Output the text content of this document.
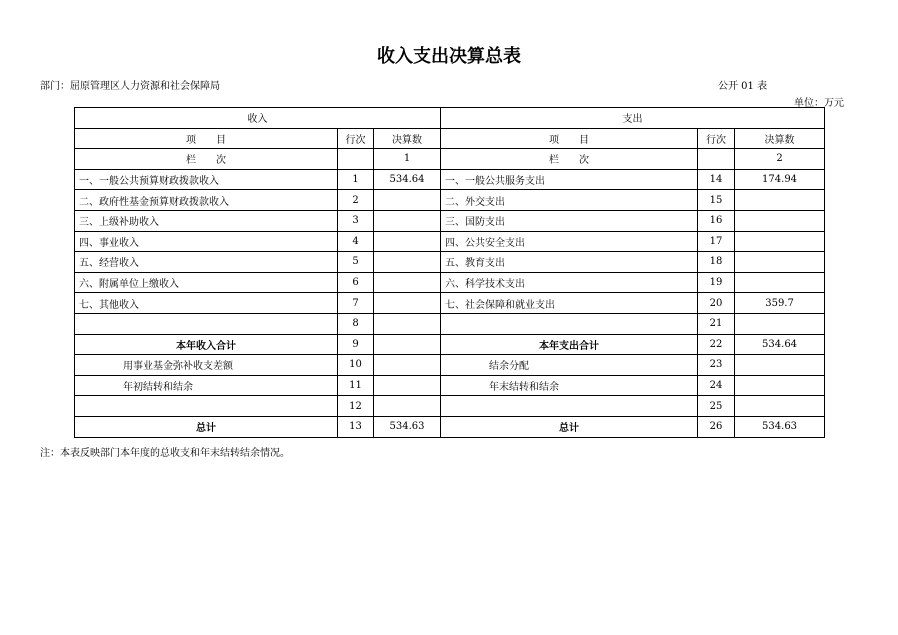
收入支出决算总表
部门：屈原管理区人力资源和社会保障局	公开 01 表
单位：万元
收入			支出		
项　　目	行次	决算数	项　　目	行次	决算数
栏　　次		1	栏　　次		2
一、一般公共预算财政拨款收入	1	534.64	一、一般公共服务支出	14	174.94
二、政府性基金预算财政拨款收入	2		二、外交支出	15	
三、上级补助收入	3		三、国防支出	16	
四、事业收入	4		四、公共安全支出	17	
五、经营收入	5		五、教育支出	18	
六、附属单位上缴收入	6		六、科学技术支出	19	
七、其他收入	7		七、社会保障和就业支出	20	359.7
	8			21	
本年收入合计	9		本年支出合计	22	534.64
用事业基金弥补收支差额	10		结余分配	23	
年初结转和结余	11		年末结转和结余	24	
	12			25	
总计	13	534.63	总计	26	534.63
注：本表反映部门本年度的总收支和年末结转结余情况。
